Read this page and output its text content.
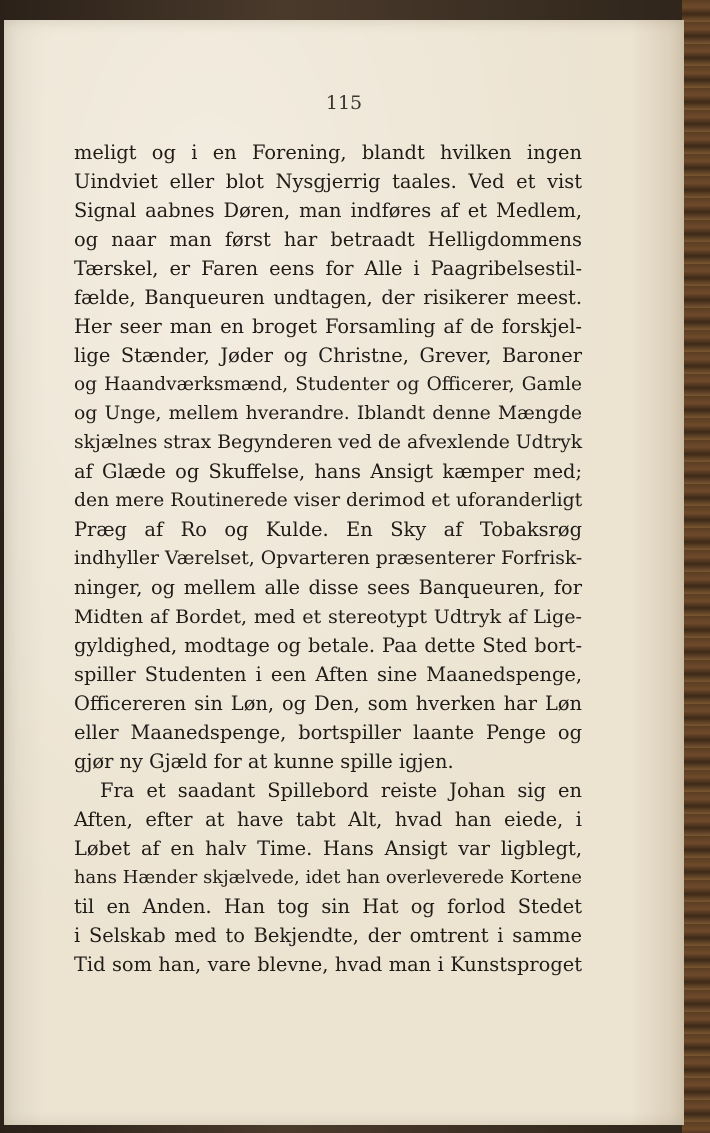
115
meligt og i en Forening, blandt hvilken ingen
Uindviet eller blot Nysgjerrig taales. Ved et vist
Signal aabnes Døren, man indføres af et Medlem,
og naar man først har betraadt Helligdommens
Tærskel, er Faren eens for Alle i Paagribelsestil-
fælde, Banqueuren undtagen, der risikerer meest.
Her seer man en broget Forsamling af de forskjel-
lige Stænder, Jøder og Christne, Grever, Baroner
og Haandværksmænd, Studenter og Officerer, Gamle
og Unge, mellem hverandre. Iblandt denne Mængde
skjælnes strax Begynderen ved de afvexlende Udtryk
af Glæde og Skuffelse, hans Ansigt kæmper med;
den mere Routinerede viser derimod et uforanderligt
Præg af Ro og Kulde. En Sky af Tobaksrøg
indhyller Værelset, Opvarteren præsenterer Forfrisk-
ninger, og mellem alle disse sees Banqueuren, for
Midten af Bordet, med et stereotypt Udtryk af Lige-
gyldighed, modtage og betale. Paa dette Sted bort-
spiller Studenten i een Aften sine Maanedspenge,
Officereren sin Løn, og Den, som hverken har Løn
eller Maanedspenge, bortspiller laante Penge og
gjør ny Gjæld for at kunne spille igjen.
Fra et saadant Spillebord reiste Johan sig en
Aften, efter at have tabt Alt, hvad han eiede, i
Løbet af en halv Time. Hans Ansigt var ligblegt,
hans Hænder skjælvede, idet han overleverede Kortene
til en Anden. Han tog sin Hat og forlod Stedet
i Selskab med to Bekjendte, der omtrent i samme
Tid som han, vare blevne, hvad man i Kunstsproget
